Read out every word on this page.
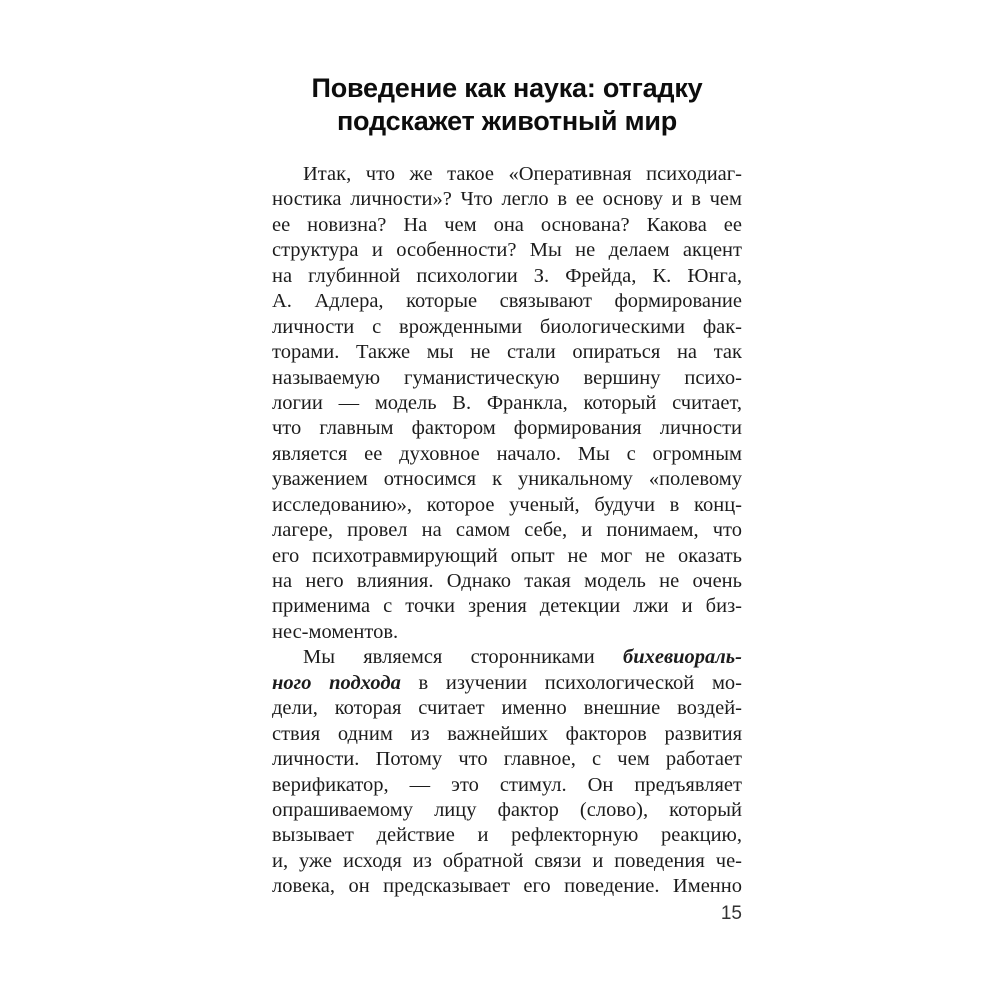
Поведение как наука: отгадку
подскажет животный мир
Итак, что же такое «Оперативная психодиаг-
ностика личности»? Что легло в ее основу и в чем
ее новизна? На чем она основана? Какова ее
структура и особенности? Мы не делаем акцент
на глубинной психологии З. Фрейда, К. Юнга,
А. Адлера, которые связывают формирование
личности с врожденными биологическими фак-
торами. Также мы не стали опираться на так
называемую гуманистическую вершину психо-
логии — модель В. Франкла, который считает,
что главным фактором формирования личности
является ее духовное начало. Мы с огромным
уважением относимся к уникальному «полевому
исследованию», которое ученый, будучи в конц-
лагере, провел на самом себе, и понимаем, что
его психотравмирующий опыт не мог не оказать
на него влияния. Однако такая модель не очень
применима с точки зрения детекции лжи и биз-
нес-моментов.
Мы являемся сторонниками бихевиораль-
ного подхода в изучении психологической мо-
дели, которая считает именно внешние воздей-
ствия одним из важнейших факторов развития
личности. Потому что главное, с чем работает
верификатор, — это стимул. Он предъявляет
опрашиваемому лицу фактор (слово), который
вызывает действие и рефлекторную реакцию,
и, уже исходя из обратной связи и поведения че-
ловека, он предсказывает его поведение. Именно
15
